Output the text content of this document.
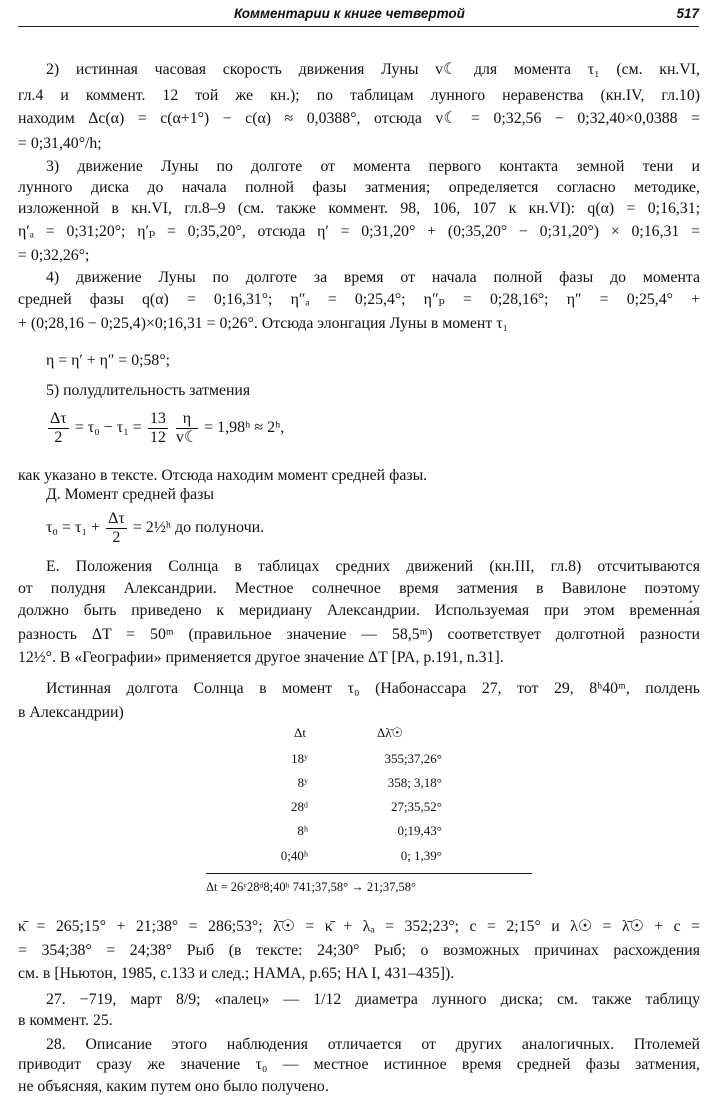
Комментарии к книге четвертой	517
2) истинная часовая скорость движения Луны v☾ для момента τ₁ (см. кн.VI,
гл.4 и коммент. 12 той же кн.); по таблицам лунного неравенства (кн.IV, гл.10)
находим Δc(α) = c(α+1°) − c(α) ≈ 0,0388°, отсюда v☾ = 0;32,56 − 0;32,40×0,0388 =
= 0;31,40°/h;
3) движение Луны по долготе от момента первого контакта земной тени и
лунного диска до начала полной фазы затмения; определяется согласно методике,
изложенной в кн.VI, гл.8–9 (см. также коммент. 98, 106, 107 к кн.VI): q(α) = 0;16,31;
η′ₐ = 0;31;20°; η′ₚ = 0;35,20°, отсюда η′ = 0;31,20° + (0;35,20° − 0;31,20°) × 0;16,31 =
= 0;32,26°;
4) движение Луны по долготе за время от начала полной фазы до момента
средней фазы q(α) = 0;16,31°; η″ₐ = 0;25,4°; η″ₚ = 0;28,16°; η″ = 0;25,4° +
+ (0;28,16 − 0;25,4)×0;16,31 = 0;26°. Отсюда элонгация Луны в момент τ₁
η = η′ + η″ = 0;58°;
5) полудлительность затмения
$\frac{\Delta\tau}{2} = \tau_0 - \tau_1 = \frac{13}{12}$
$\frac{\eta}{v☾}$ = 1,98ʰ ≈ 2ʰ,
как указано в тексте. Отсюда находим момент средней фазы.
Д. Момент средней фазы
$\tau_0 = \tau_1 + \frac{\Delta\tau}{2}$ = 2½ʰ до полуночи.
Е. Положения Солнца в таблицах средних движений (кн.III, гл.8) отсчитываются
от полудня Александрии. Местное солнечное время затмения в Вавилоне поэтому
должно быть приведено к меридиану Александрии. Используемая при этом временна́я
разность ΔT = 50ᵐ (правильное значение — 58,5ᵐ) соответствует долготной разности
12½°. В «Географии» применяется другое значение ΔT [PA, p.191, n.31].
Истинная долгота Солнца в момент τ₀ (Набонассара 27, тот 29, 8ʰ40ᵐ, полдень
в Александрии)
Δt	Δλ̄☉
18ʸ	355;37,26°
8ʸ	358; 3,18°
28ᵈ	27;35,52°
8ʰ	0;19,43°
0;40ʰ	0; 1,39°
Δt = 26ʸ28ᵈ8;40ʰ 741;37,58° → 21;37,58°
κ̄ = 265;15° + 21;38° = 286;53°; λ̄☉ = κ̄ + λₐ = 352;23°; c = 2;15° и λ☉ = λ̄☉ + c =
= 354;38° = 24;38° Рыб (в тексте: 24;30° Рыб; о возможных причинах расхождения
см. в [Ньютон, 1985, с.133 и след.; HAMA, p.65; HA I, 431–435]).
27. −719, март 8/9; «палец» — 1/12 диаметра лунного диска; см. также таблицу
в коммент. 25.
28. Описание этого наблюдения отличается от других аналогичных. Птолемей
приводит сразу же значение τ₀ — местное истинное время средней фазы затмения,
не объясняя, каким путем оно было получено.
